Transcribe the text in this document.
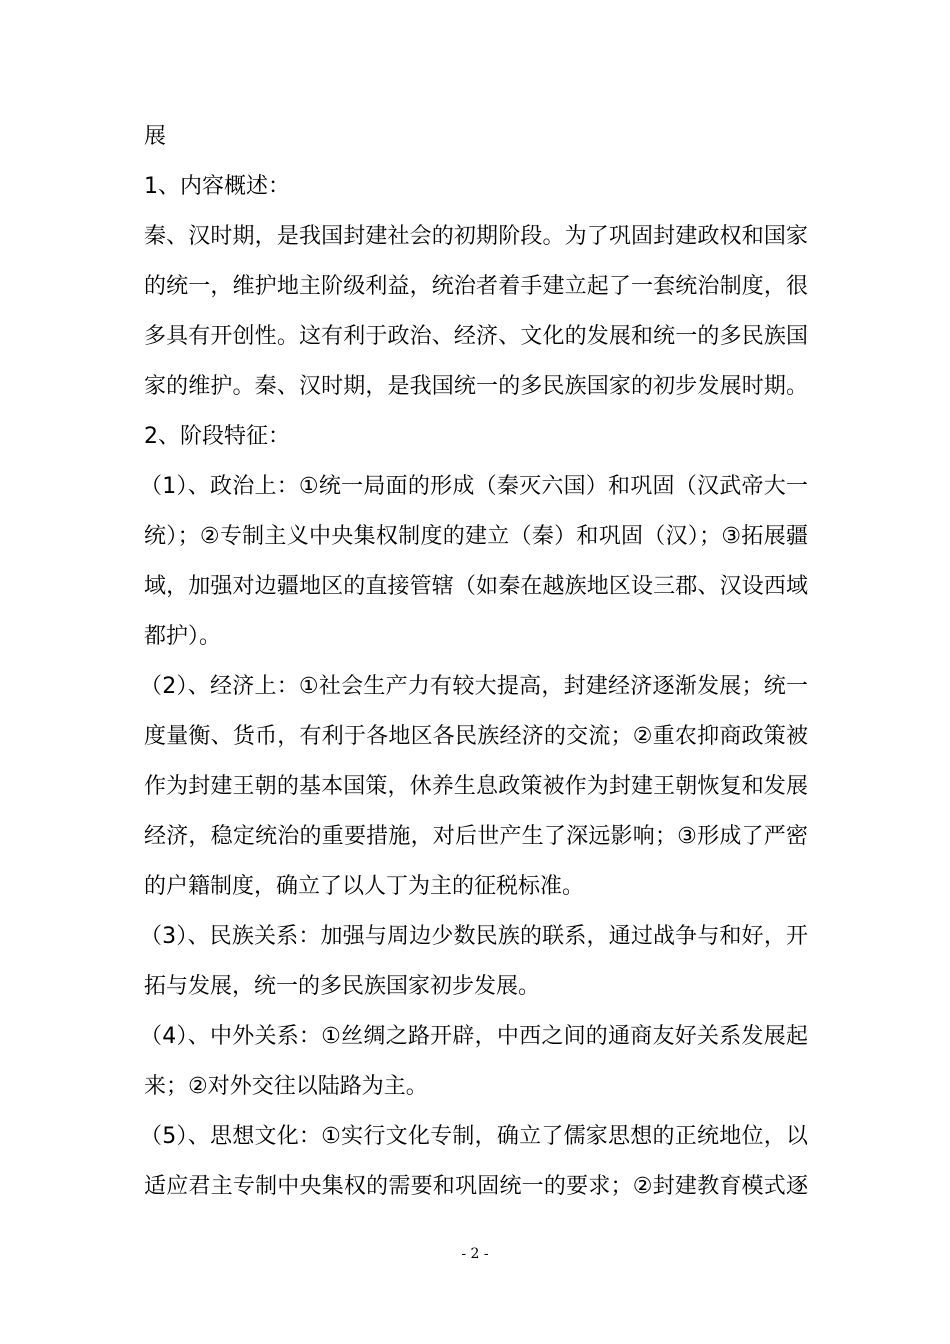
展
1、内容概述：
秦、汉时期，是我国封建社会的初期阶段。为了巩固封建政权和国家
的统一，维护地主阶级利益，统治者着手建立起了一套统治制度，很
多具有开创性。这有利于政治、经济、文化的发展和统一的多民族国
家的维护。秦、汉时期，是我国统一的多民族国家的初步发展时期。
2、阶段特征：
（1）、政治上：①统一局面的形成（秦灭六国）和巩固（汉武帝大一
统）；②专制主义中央集权制度的建立（秦）和巩固（汉）；③拓展疆
域，加强对边疆地区的直接管辖（如秦在越族地区设三郡、汉设西域
都护）。
（2）、经济上：①社会生产力有较大提高，封建经济逐渐发展；统一
度量衡、货币，有利于各地区各民族经济的交流；②重农抑商政策被
作为封建王朝的基本国策，休养生息政策被作为封建王朝恢复和发展
经济，稳定统治的重要措施，对后世产生了深远影响；③形成了严密
的户籍制度，确立了以人丁为主的征税标准。
（3）、民族关系：加强与周边少数民族的联系，通过战争与和好，开
拓与发展，统一的多民族国家初步发展。
（4）、中外关系：①丝绸之路开辟，中西之间的通商友好关系发展起
来；②对外交往以陆路为主。
（5）、思想文化：①实行文化专制，确立了儒家思想的正统地位，以
适应君主专制中央集权的需要和巩固统一的要求；②封建教育模式逐
- 2 -
